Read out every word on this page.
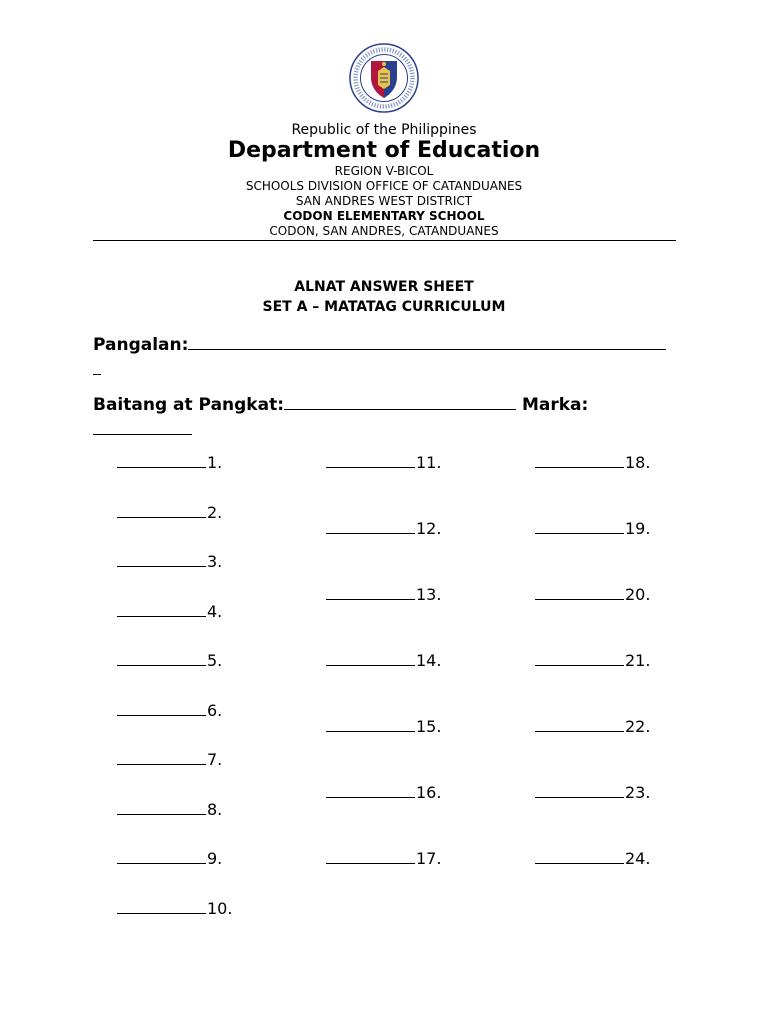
Republic of the Philippines
Department of Education
REGION V-BICOL
SCHOOLS DIVISION OFFICE OF CATANDUANES
SAN ANDRES WEST DISTRICT
CODON ELEMENTARY SCHOOL
CODON, SAN ANDRES, CATANDUANES
ALNAT ANSWER SHEET
SET A – MATATAG CURRICULUM
Pangalan:
Baitang at Pangkat:	Marka:
1.
2.
3.
4.
5.
6.
7.
8.
9.
10.
11.
12.
13.
14.
15.
16.
17.
18.
19.
20.
21.
22.
23.
24.
